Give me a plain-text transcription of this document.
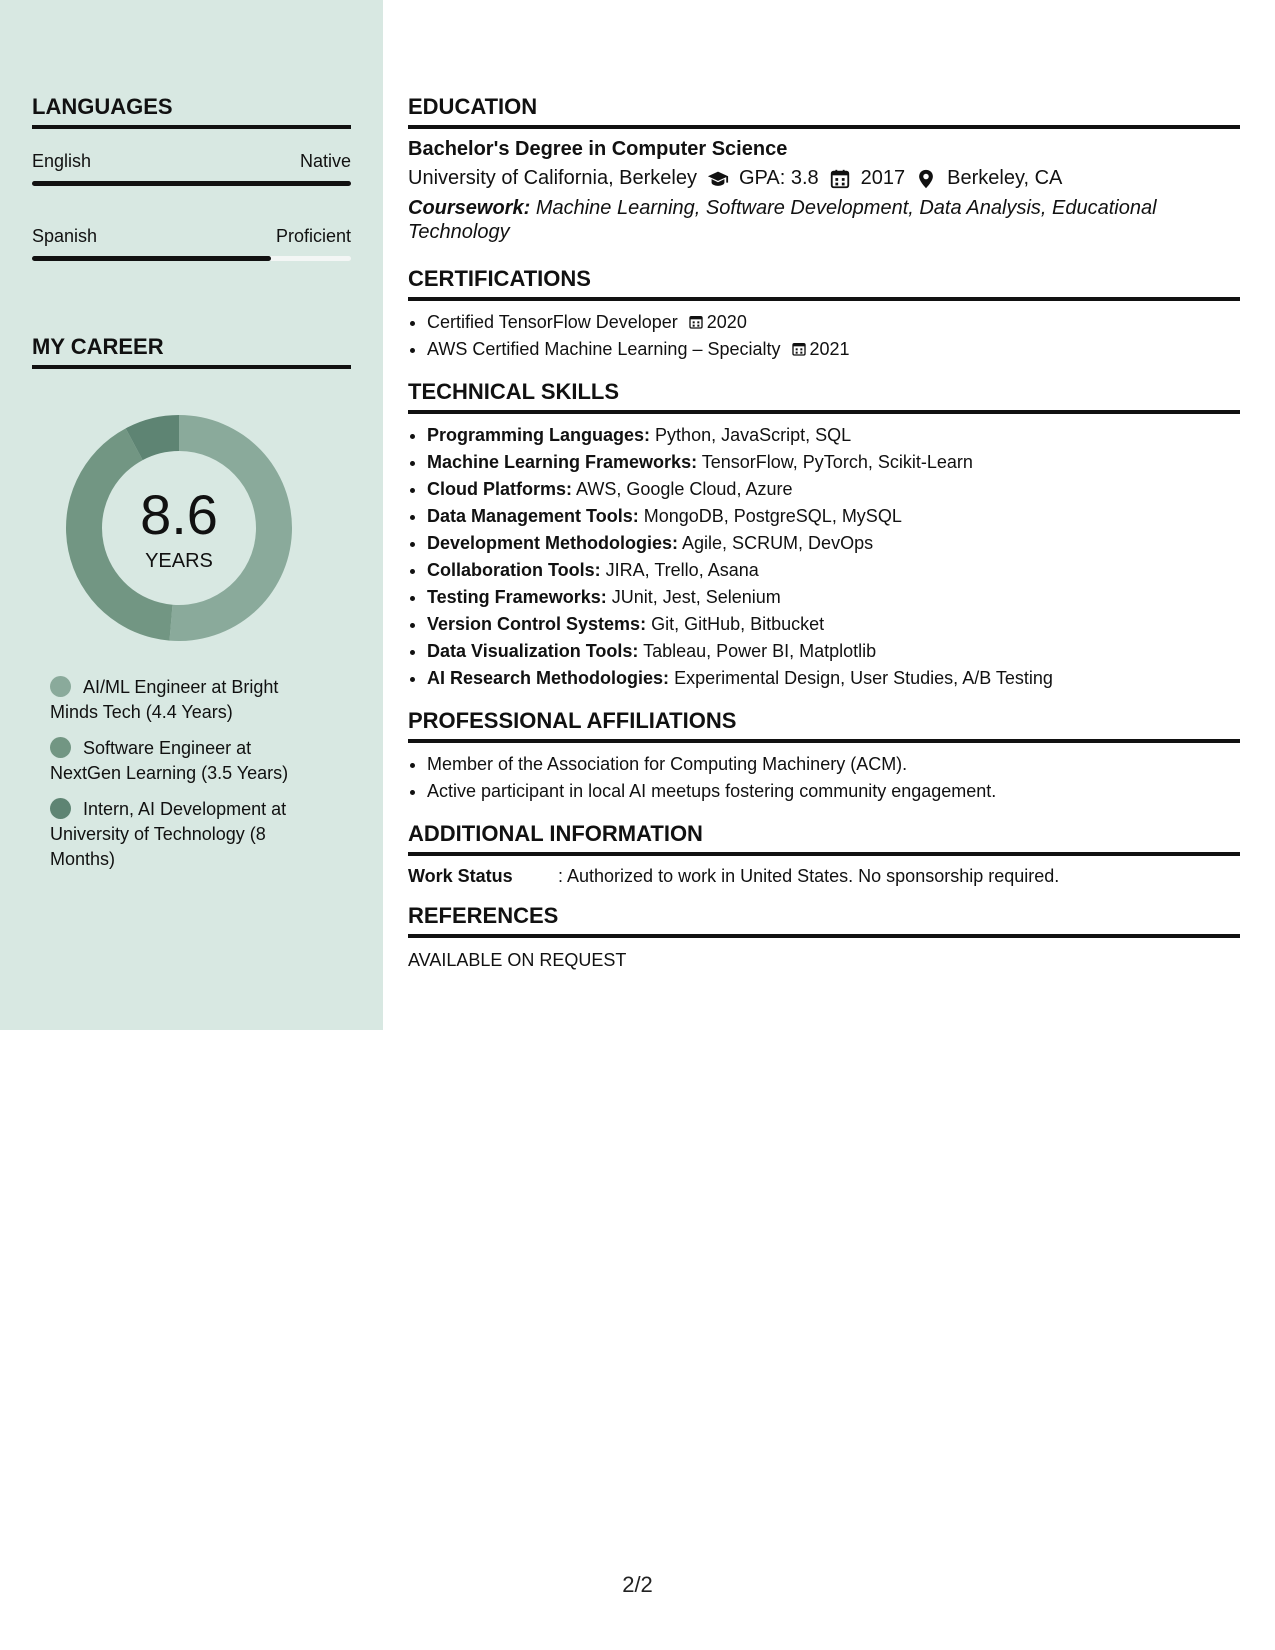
LANGUAGES
English	Native
Spanish	Proficient
MY CAREER
8.6
YEARS
AI/ML Engineer at Bright Minds Tech (4.4 Years)
Software Engineer at NextGen Learning (3.5 Years)
Intern, AI Development at University of Technology (8 Months)
EDUCATION
Bachelor's Degree in Computer Science
University of California, Berkeley GPA: 3.8 2017 Berkeley, CA
Coursework: Machine Learning, Software Development, Data Analysis, Educational Technology
CERTIFICATIONS
• Certified TensorFlow Developer 2020
• AWS Certified Machine Learning – Specialty 2021
TECHNICAL SKILLS
• Programming Languages: Python, JavaScript, SQL
• Machine Learning Frameworks: TensorFlow, PyTorch, Scikit-Learn
• Cloud Platforms: AWS, Google Cloud, Azure
• Data Management Tools: MongoDB, PostgreSQL, MySQL
• Development Methodologies: Agile, SCRUM, DevOps
• Collaboration Tools: JIRA, Trello, Asana
• Testing Frameworks: JUnit, Jest, Selenium
• Version Control Systems: Git, GitHub, Bitbucket
• Data Visualization Tools: Tableau, Power BI, Matplotlib
• AI Research Methodologies: Experimental Design, User Studies, A/B Testing
PROFESSIONAL AFFILIATIONS
• Member of the Association for Computing Machinery (ACM).
• Active participant in local AI meetups fostering community engagement.
ADDITIONAL INFORMATION
Work Status	: Authorized to work in United States. No sponsorship required.
REFERENCES
AVAILABLE ON REQUEST
2/2
